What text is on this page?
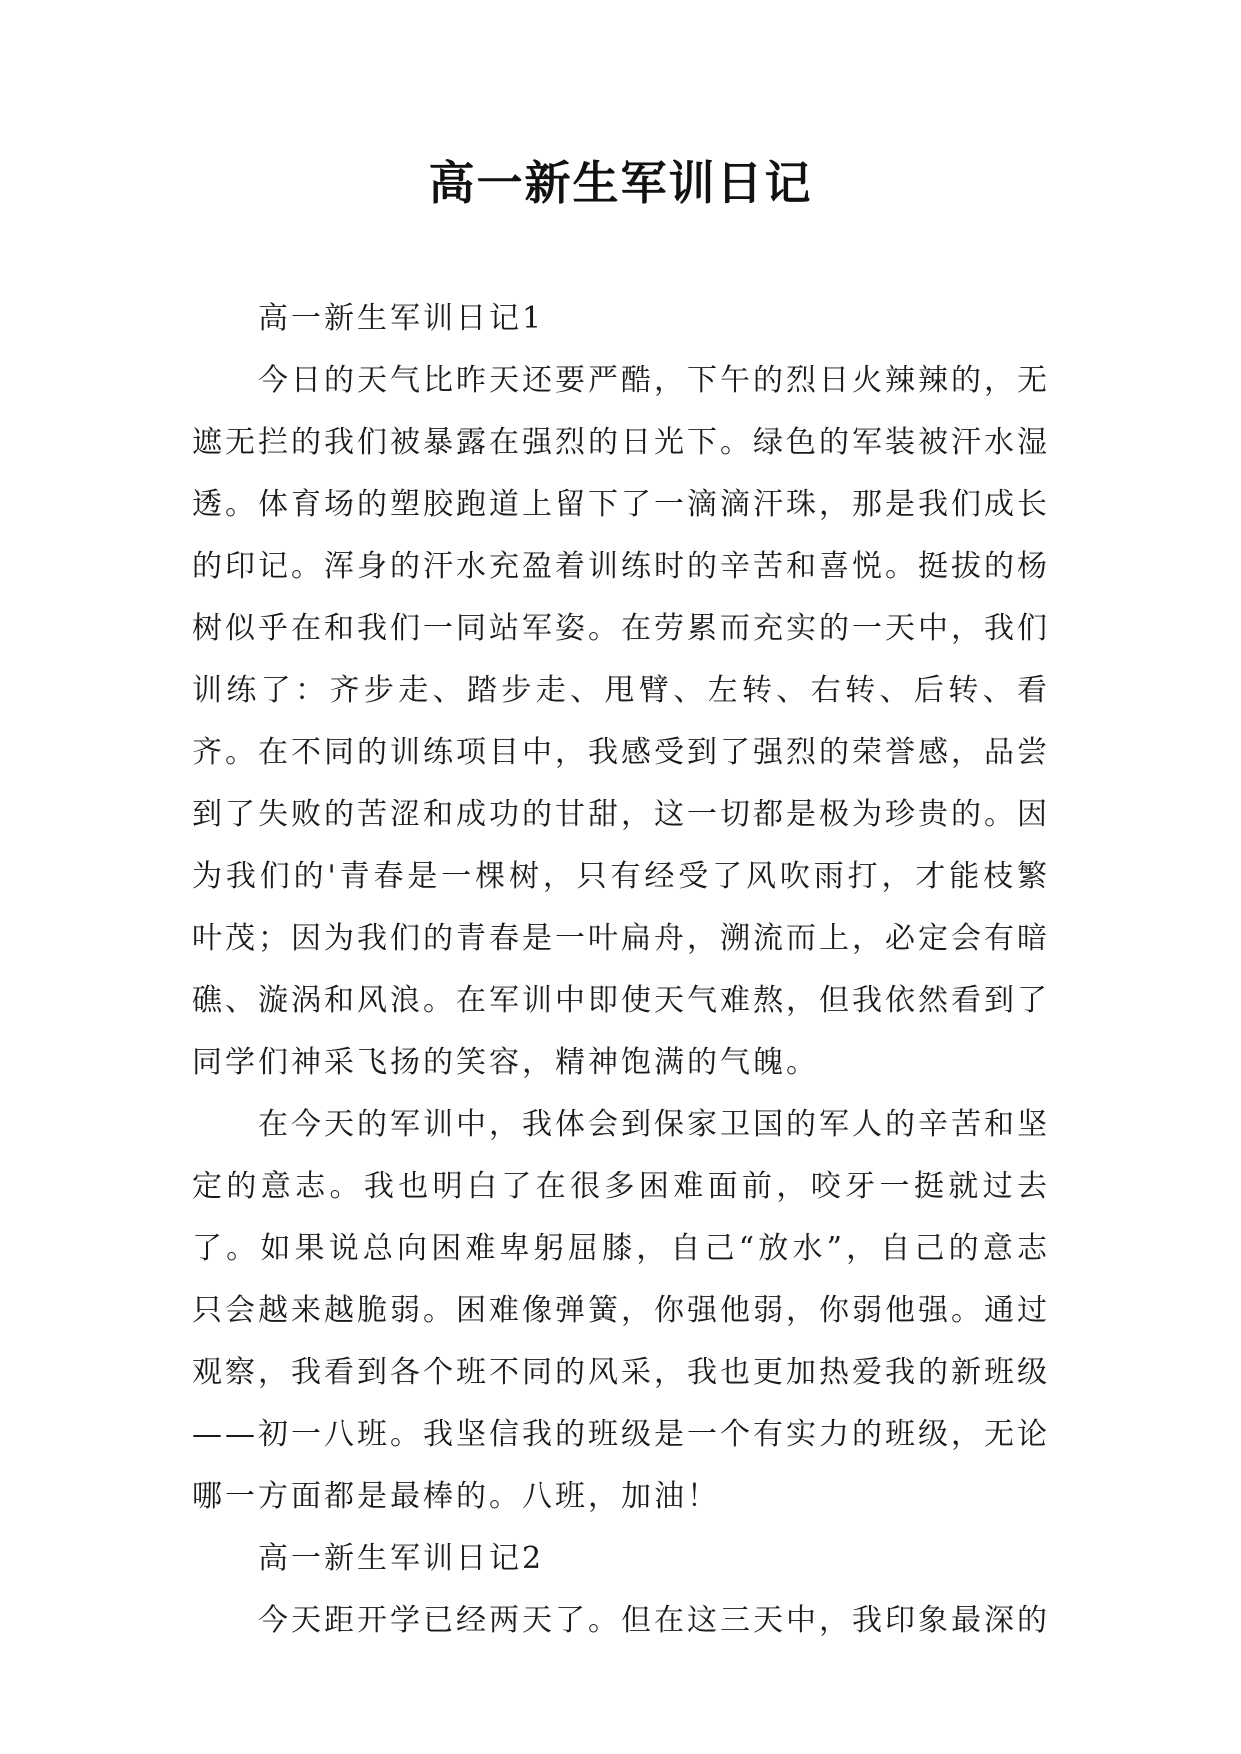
高一新生军训日记

高一新生军训日记1

今日的天气比昨天还要严酷，下午的烈日火辣辣的，无遮无拦的我们被暴露在强烈的日光下。绿色的军装被汗水湿透。体育场的塑胶跑道上留下了一滴滴汗珠，那是我们成长的印记。浑身的汗水充盈着训练时的辛苦和喜悦。挺拔的杨树似乎在和我们一同站军姿。在劳累而充实的一天中，我们训练了：齐步走、踏步走、甩臂、左转、右转、后转、看齐。在不同的训练项目中，我感受到了强烈的荣誉感，品尝到了失败的苦涩和成功的甘甜，这一切都是极为珍贵的。因为我们的'青春是一棵树，只有经受了风吹雨打，才能枝繁叶茂；因为我们的青春是一叶扁舟，溯流而上，必定会有暗礁、漩涡和风浪。在军训中即使天气难熬，但我依然看到了同学们神采飞扬的笑容，精神饱满的气魄。

在今天的军训中，我体会到保家卫国的军人的辛苦和坚定的意志。我也明白了在很多困难面前，咬牙一挺就过去了。如果说总向困难卑躬屈膝，自己“放水”，自己的意志只会越来越脆弱。困难像弹簧，你强他弱，你弱他强。通过观察，我看到各个班不同的风采，我也更加热爱我的新班级——初一八班。我坚信我的班级是一个有实力的班级，无论哪一方面都是最棒的。八班，加油！

高一新生军训日记2

今天距开学已经两天了。但在这三天中，我印象最深的
